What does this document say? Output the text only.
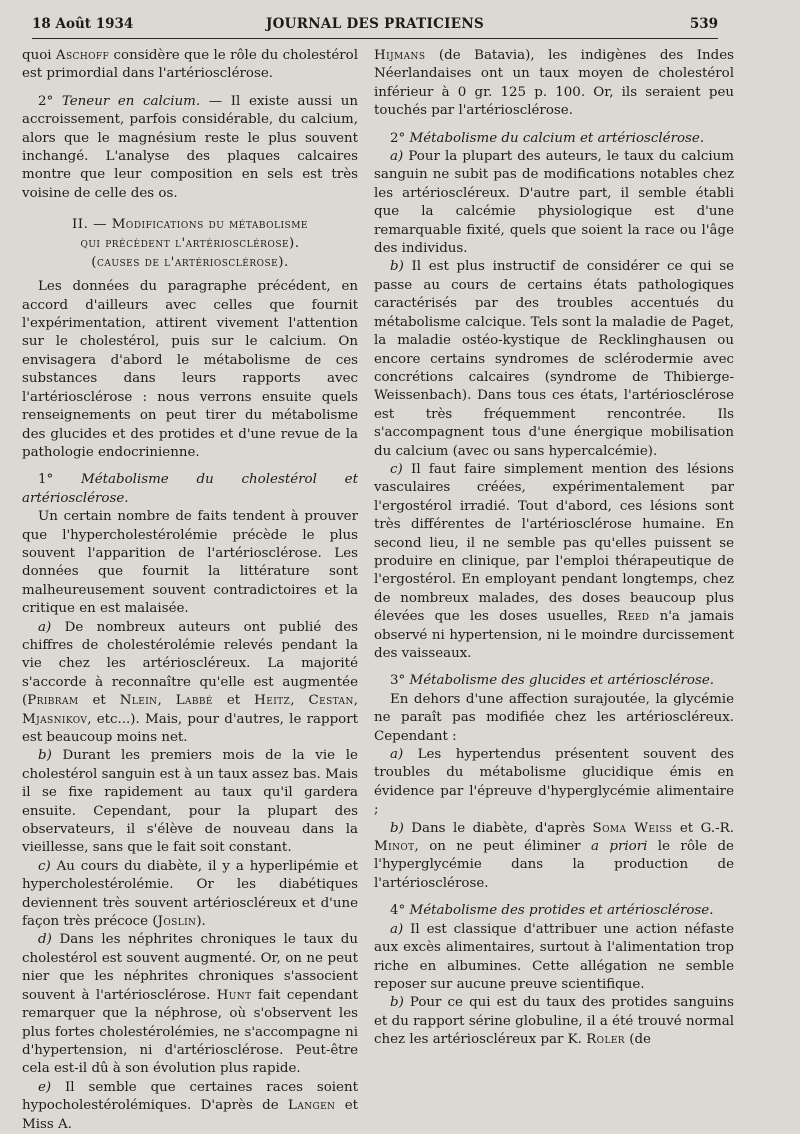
18 Août 1934	JOURNAL DES PRATICIENS	539

quoi Aschoff considère que le rôle du cholestérol est primordial dans l'artériosclérose.

2° Teneur en calcium. — Il existe aussi un accroissement, parfois considérable, du calcium, alors que le magnésium reste le plus souvent inchangé. L'analyse des plaques calcaires montre que leur composition en sels est très voisine de celle des os.

II. — Modifications du métabolisme
qui précèdent l'artériosclérose).
(causes de l'artériosclérose).

Les données du paragraphe précédent, en accord d'ailleurs avec celles que fournit l'expérimentation, attirent vivement l'attention sur le cholestérol, puis sur le calcium. On envisagera d'abord le métabolisme de ces substances dans leurs rapports avec l'artériosclérose : nous verrons ensuite quels renseignements on peut tirer du métabolisme des glucides et des protides et d'une revue de la pathologie endocrinienne.

1° Métabolisme du cholestérol et artériosclérose.

Un certain nombre de faits tendent à prouver que l'hypercholestérolémie précède le plus souvent l'apparition de l'artériosclérose. Les données que fournit la littérature sont malheureusement souvent contradictoires et la critique en est malaisée.

a) De nombreux auteurs ont publié des chiffres de cholestérolémie relevés pendant la vie chez les artérioscléreux. La majorité s'accorde à reconnaître qu'elle est augmentée (Pribram et Nlein, Labbé et Heitz, Cestan, Mjasnikov, etc...). Mais, pour d'autres, le rapport est beaucoup moins net.

b) Durant les premiers mois de la vie le cholestérol sanguin est à un taux assez bas. Mais il se fixe rapidement au taux qu'il gardera ensuite. Cependant, pour la plupart des observateurs, il s'élève de nouveau dans la vieillesse, sans que le fait soit constant.

c) Au cours du diabète, il y a hyperlipémie et hypercholestérolémie. Or les diabétiques deviennent très souvent artérioscléreux et d'une façon très précoce (Joslin).

d) Dans les néphrites chroniques le taux du cholestérol est souvent augmenté. Or, on ne peut nier que les néphrites chroniques s'associent souvent à l'artériosclérose. Hunt fait cependant remarquer que la néphrose, où s'observent les plus fortes cholestérolémies, ne s'accompagne ni d'hypertension, ni d'artériosclérose. Peut-être cela est-il dû à son évolution plus rapide.

e) Il semble que certaines races soient hypocholestérolémiques. D'après de Langen et Miss A.

Hijmans (de Batavia), les indigènes des Indes Néerlandaises ont un taux moyen de cholestérol inférieur à 0 gr. 125 p. 100. Or, ils seraient peu touchés par l'artériosclérose.

2° Métabolisme du calcium et artériosclérose.

a) Pour la plupart des auteurs, le taux du calcium sanguin ne subit pas de modifications notables chez les artérioscléreux. D'autre part, il semble établi que la calcémie physiologique est d'une remarquable fixité, quels que soient la race ou l'âge des individus.

b) Il est plus instructif de considérer ce qui se passe au cours de certains états pathologiques caractérisés par des troubles accentués du métabolisme calcique. Tels sont la maladie de Paget, la maladie ostéo-kystique de Recklinghausen ou encore certains syndromes de sclérodermie avec concrétions calcaires (syndrome de Thibierge-Weissenbach). Dans tous ces états, l'artériosclérose est très fréquemment rencontrée. Ils s'accompagnent tous d'une énergique mobilisation du calcium (avec ou sans hypercalcémie).

c) Il faut faire simplement mention des lésions vasculaires créées, expérimentalement par l'ergostérol irradié. Tout d'abord, ces lésions sont très différentes de l'artériosclérose humaine. En second lieu, il ne semble pas qu'elles puissent se produire en clinique, par l'emploi thérapeutique de l'ergostérol. En employant pendant longtemps, chez de nombreux malades, des doses beaucoup plus élevées que les doses usuelles, Reed n'a jamais observé ni hypertension, ni le moindre durcissement des vaisseaux.

3° Métabolisme des glucides et artériosclérose.

En dehors d'une affection surajoutée, la glycémie ne paraît pas modifiée chez les artérioscléreux. Cependant :

a) Les hypertendus présentent souvent des troubles du métabolisme glucidique émis en évidence par l'épreuve d'hyperglycémie alimentaire ;

b) Dans le diabète, d'après Soma Weiss et G.-R. Minot, on ne peut éliminer a priori le rôle de l'hyperglycémie dans la production de l'artériosclérose.

4° Métabolisme des protides et artériosclérose.

a) Il est classique d'attribuer une action néfaste aux excès alimentaires, surtout à l'alimentation trop riche en albumines. Cette allégation ne semble reposer sur aucune preuve scientifique.

b) Pour ce qui est du taux des protides sanguins et du rapport sérine globuline, il a été trouvé normal chez les artérioscléreux par K. Roler (de
